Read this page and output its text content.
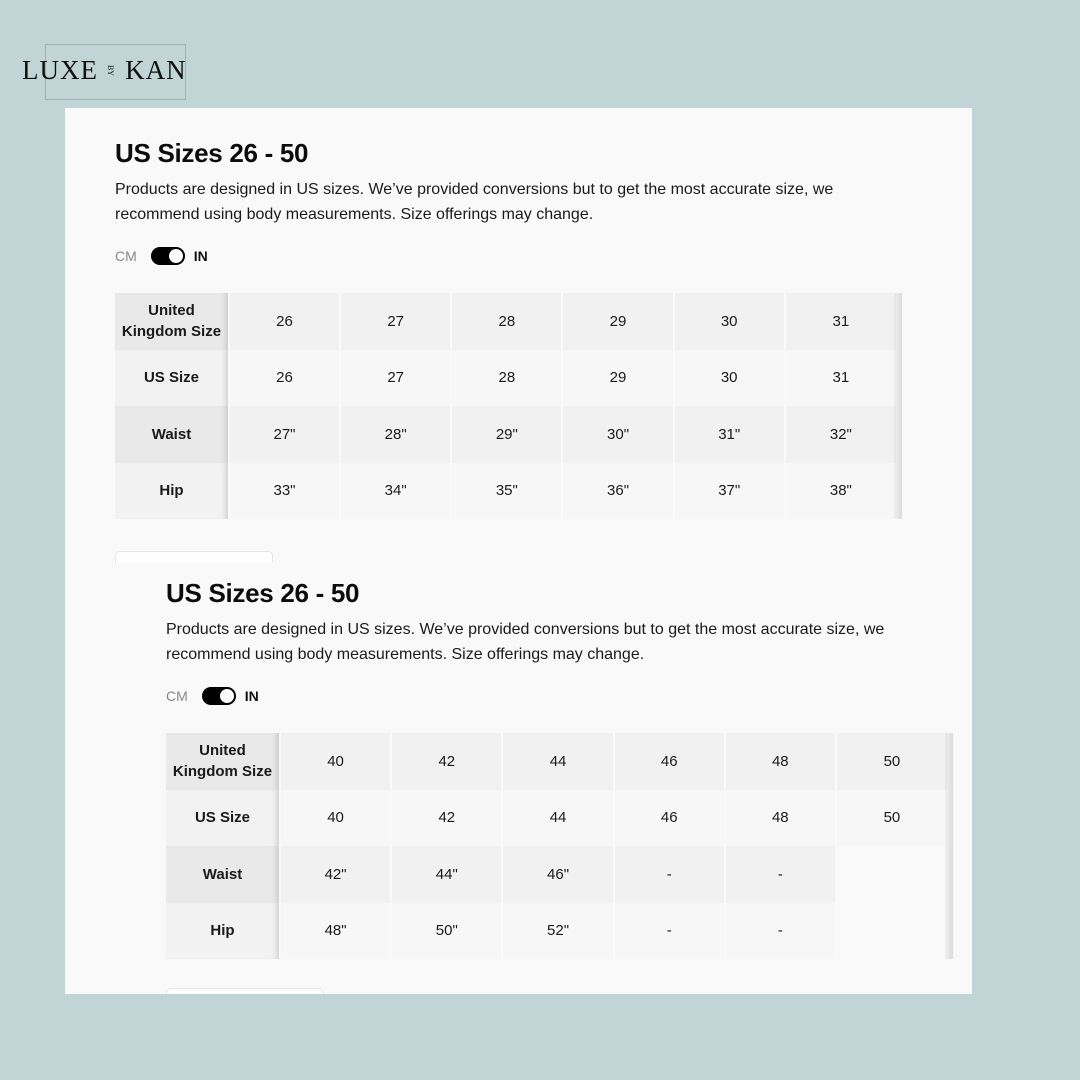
LUXE BY KAN
US Sizes 26 - 50

Products are designed in US sizes. We’ve provided conversions but to get the most accurate size, we recommend using body measurements. Size offerings may change.

CM	IN
United Kingdom Size	26	27	28	29	30	31
US Size	26	27	28	29	30	31
Waist	27"	28"	29"	30"	31"	32"
Hip	33"	34"	35"	36"	37"	38"
US Sizes 26 - 50

Products are designed in US sizes. We’ve provided conversions but to get the most accurate size, we recommend using body measurements. Size offerings may change.

CM	IN
United Kingdom Size	40	42	44	46	48	50
US Size	40	42	44	46	48	50
Waist	42"	44"	46"	-	-	
Hip	48"	50"	52"	-	-	
